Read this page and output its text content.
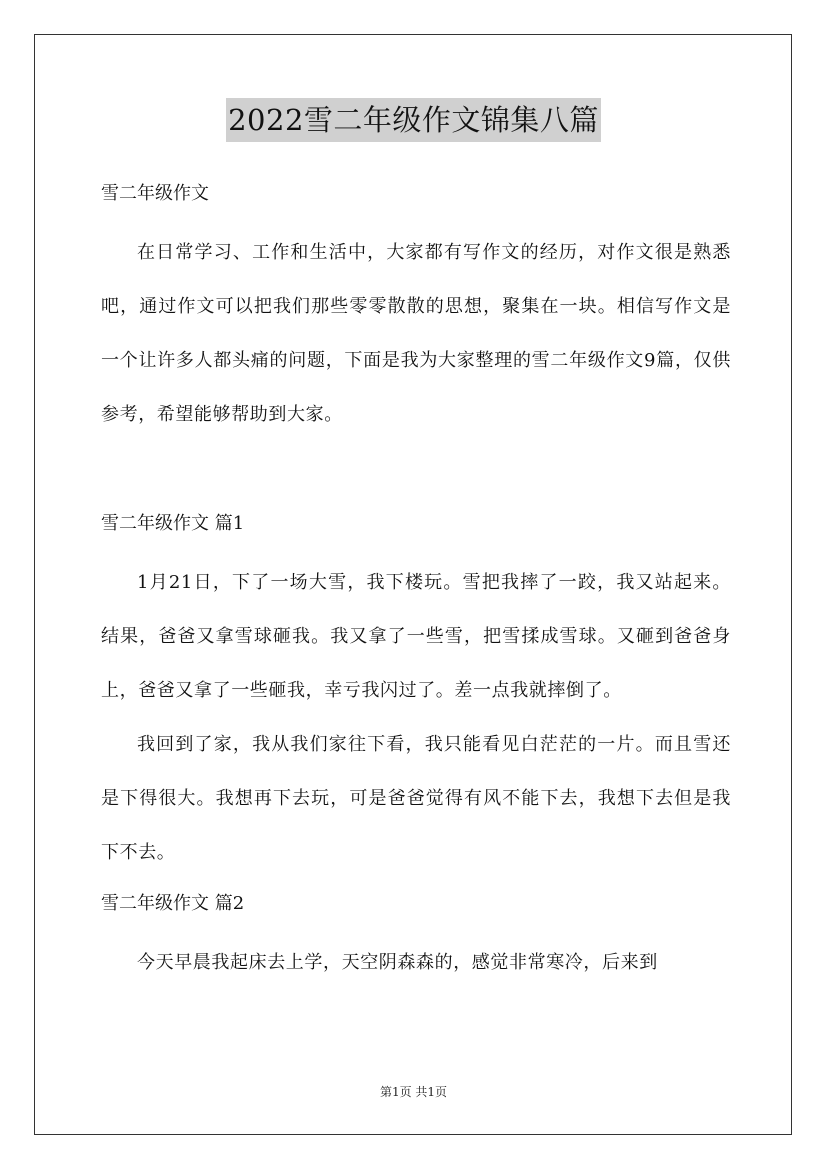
2022雪二年级作文锦集八篇

雪二年级作文

在日常学习、工作和生活中，大家都有写作文的经历，对作文很是熟悉吧，通过作文可以把我们那些零零散散的思想，聚集在一块。相信写作文是一个让许多人都头痛的问题，下面是我为大家整理的雪二年级作文9篇，仅供参考，希望能够帮助到大家。

雪二年级作文 篇1

1月21日，下了一场大雪，我下楼玩。雪把我摔了一跤，我又站起来。结果，爸爸又拿雪球砸我。我又拿了一些雪，把雪揉成雪球。又砸到爸爸身上，爸爸又拿了一些砸我，幸亏我闪过了。差一点我就摔倒了。

我回到了家，我从我们家往下看，我只能看见白茫茫的一片。而且雪还是下得很大。我想再下去玩，可是爸爸觉得有风不能下去，我想下去但是我下不去。

雪二年级作文 篇2

今天早晨我起床去上学，天空阴森森的，感觉非常寒冷，后来到

第1页 共1页
